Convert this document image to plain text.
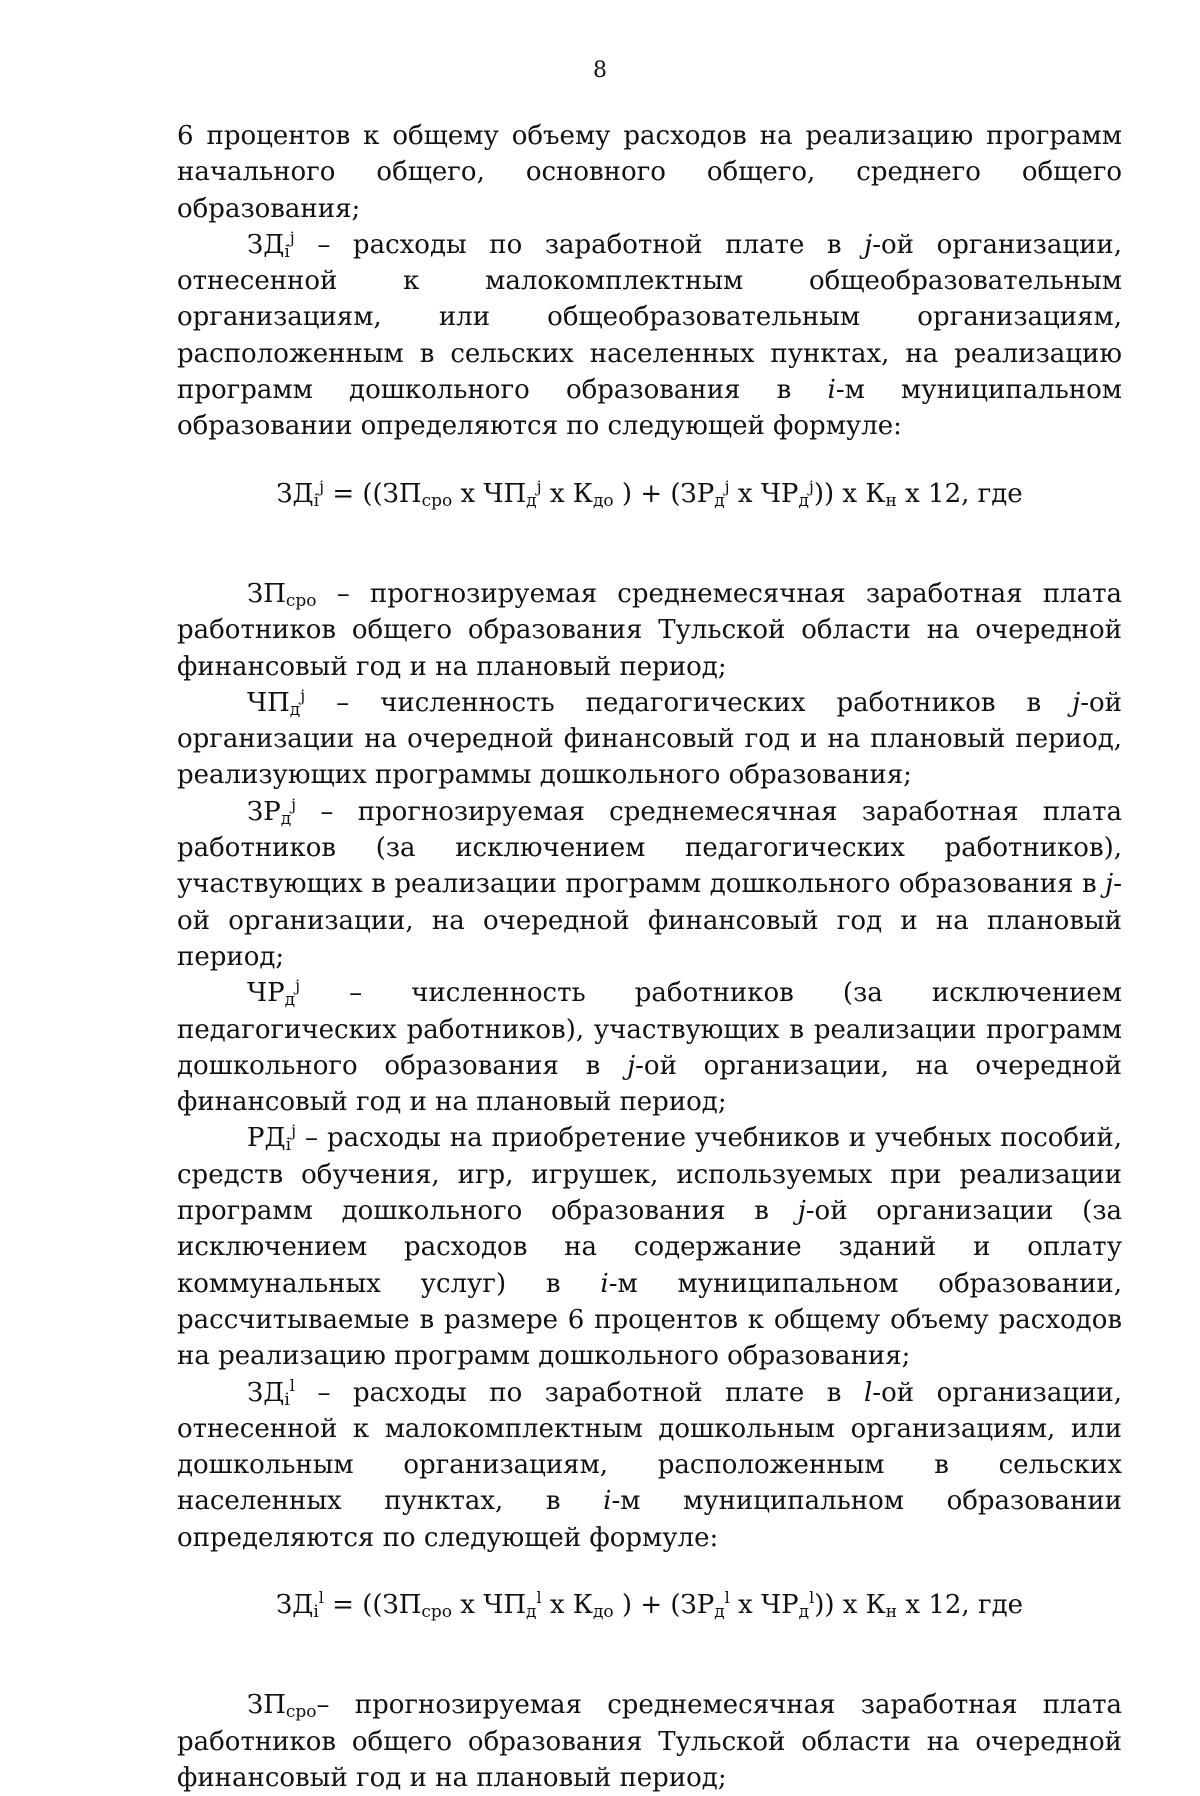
8

6 процентов к общему объему расходов на реализацию программ начального общего, основного общего, среднего общего образования;

$ЗД_i^j$ – расходы по заработной плате в j-ой организации, отнесенной к малокомплектным общеобразовательным организациям, или общеобразовательным организациям, расположенным в сельских населенных пунктах, на реализацию программ дошкольного образования в i-м муниципальном образовании определяются по следующей формуле:

$ЗД_i^j = ((ЗП_{сро}$ х $ЧП_д^j$ х $К_{до}$ ) + ($ЗР_д^j$ х $ЧР_д^j$)) х $К_н$ х 12, где

$ЗП_{сро}$ – прогнозируемая среднемесячная заработная плата работников общего образования Тульской области на очередной финансовый год и на плановый период;

$ЧП_д^j$ – численность педагогических работников в j-ой организации на очередной финансовый год и на плановый период, реализующих программы дошкольного образования;

$ЗР_д^j$ – прогнозируемая среднемесячная заработная плата работников (за исключением педагогических работников), участвующих в реализации программ дошкольного образования в j-ой организации, на очередной финансовый год и на плановый период;

$ЧР_д^j$ – численность работников (за исключением педагогических работников), участвующих в реализации программ дошкольного образования в j-ой организации, на очередной финансовый год и на плановый период;

$РД_i^j$ – расходы на приобретение учебников и учебных пособий, средств обучения, игр, игрушек, используемых при реализации программ дошкольного образования в j-ой организации (за исключением расходов на содержание зданий и оплату коммунальных услуг) в i-м муниципальном образовании, рассчитываемые в размере 6 процентов к общему объему расходов на реализацию программ дошкольного образования;

$ЗД_i^l$ – расходы по заработной плате в l-ой организации, отнесенной к малокомплектным дошкольным организациям, или дошкольным организациям, расположенным в сельских населенных пунктах, в i-м муниципальном образовании определяются по следующей формуле:

$ЗД_i^l = ((ЗП_{сро}$ х $ЧП_д^l$ х $К_{до}$ ) + ($ЗР_д^l$ х $ЧР_д^l$)) х $К_н$ х 12, где

$ЗП_{сро}-$ прогнозируемая среднемесячная заработная плата работников общего образования Тульской области на очередной финансовый год и на плановый период;
